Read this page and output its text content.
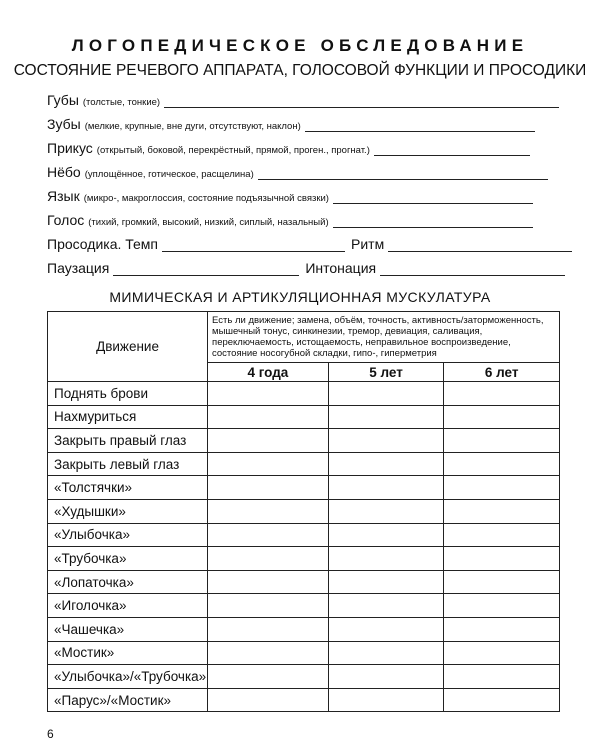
ЛОГОПЕДИЧЕСКОЕ ОБСЛЕДОВАНИЕ
СОСТОЯНИЕ РЕЧЕВОГО АППАРАТА, ГОЛОСОВОЙ ФУНКЦИИ И ПРОСОДИКИ
Губы (толстые, тонкие)
Зубы (мелкие, крупные, вне дуги, отсутствуют, наклон)
Прикус (открытый, боковой, перекрёстный, прямой, проген., прогнат.)
Нёбо (уплощённое, готическое, расщелина)
Язык (микро-, макроглоссия, состояние подъязычной связки)
Голос (тихий, громкий, высокий, низкий, сиплый, назальный)
Просодика. Темп	Ритм
Паузация	Интонация
МИМИЧЕСКАЯ И АРТИКУЛЯЦИОННАЯ МУСКУЛАТУРА
Движение	Есть ли движение; замена, объём, точность, активность/заторможенность, мышечный тонус, синкинезии, тремор, девиация, саливация, переключаемость, истощаемость, неправильное воспроизведение, состояние носогубной складки, гипо-, гиперметрия		
	4 года	5 лет	6 лет
Поднять брови			
Нахмуриться			
Закрыть правый глаз			
Закрыть левый глаз			
«Толстячки»			
«Худышки»			
«Улыбочка»			
«Трубочка»			
«Лопаточка»			
«Иголочка»			
«Чашечка»			
«Мостик»			
«Улыбочка»/«Трубочка»			
«Парус»/«Мостик»			
6
